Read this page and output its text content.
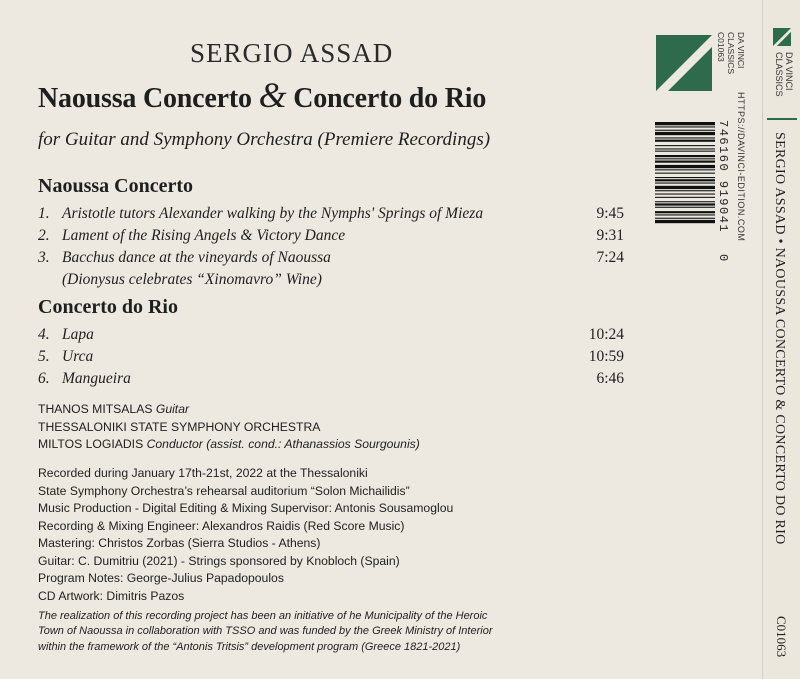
SERGIO ASSAD
Naoussa Concerto & Concerto do Rio
for Guitar and Symphony Orchestra (Premiere Recordings)
Naoussa Concerto
1. Aristotle tutors Alexander walking by the Nymphs' Springs of Mieza	9:45
2. Lament of the Rising Angels & Victory Dance	9:31
3. Bacchus dance at the vineyards of Naoussa	7:24
(Dionysus celebrates “Xinomavro” Wine)
Concerto do Rio
4. Lapa	10:24
5. Urca	10:59
6. Mangueira	6:46
THANOS MITSALAS Guitar
THESSALONIKI STATE SYMPHONY ORCHESTRA
MILTOS LOGIADIS Conductor (assist. cond.: Athanassios Sourgounis)
Recorded during January 17th-21st, 2022 at the Thessaloniki
State Symphony Orchestra’s rehearsal auditorium “Solon Michailidis”
Music Production - Digital Editing & Mixing Supervisor: Antonis Sousamoglou
Recording & Mixing Engineer: Alexandros Raidis (Red Score Music)
Mastering: Christos Zorbas (Sierra Studios - Athens)
Guitar: C. Dumitriu (2021) - Strings sponsored by Knobloch (Spain)
Program Notes: George-Julius Papadopoulos
CD Artwork: Dimitris Pazos
The realization of this recording project has been an initiative of he Municipality of the Heroic
Town of Naoussa in collaboration with TSSO and was funded by the Greek Ministry of Interior
within the framework of the “Antonis Tritsis” development program (Greece 1821-2021)
DA VINCI
CLASSICS
C01063
746160 919041
0
HTTPS://DAVINCI-EDITION.COM
DA VINCI
CLASSICS
SERGIO ASSAD • NAOUSSA CONCERTO & CONCERTO DO RIO
C01063
